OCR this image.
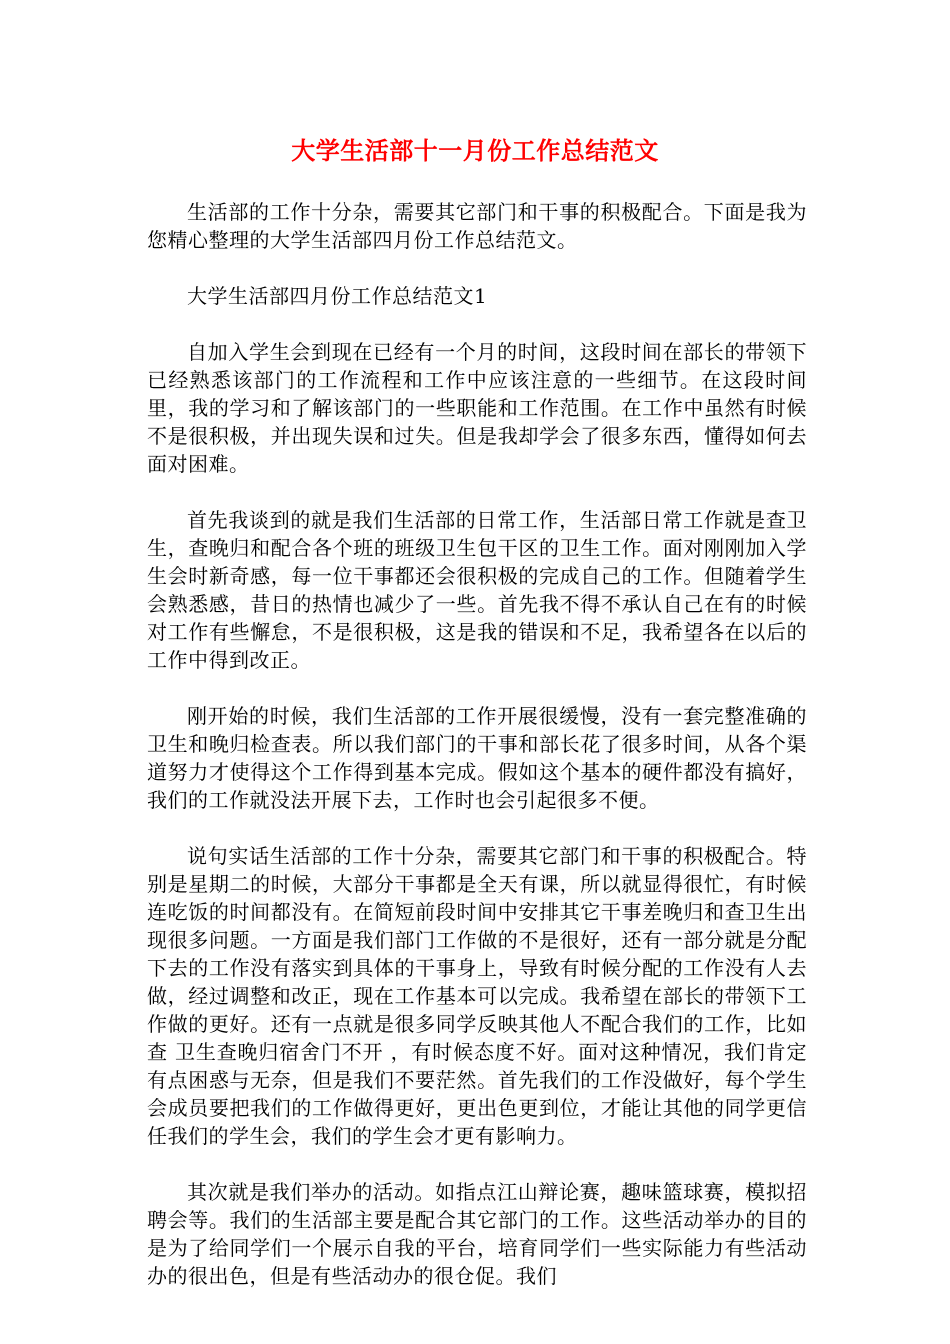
大学生活部十一月份工作总结范文

生活部的工作十分杂，需要其它部门和干事的积极配合。下面是我为您精心整理的大学生活部四月份工作总结范文。

大学生活部四月份工作总结范文1

自加入学生会到现在已经有一个月的时间，这段时间在部长的带领下已经熟悉该部门的工作流程和工作中应该注意的一些细节。在这段时间里，我的学习和了解该部门的一些职能和工作范围。在工作中虽然有时候不是很积极，并出现失误和过失。但是我却学会了很多东西，懂得如何去面对困难。

首先我谈到的就是我们生活部的日常工作，生活部日常工作就是查卫生，查晚归和配合各个班的班级卫生包干区的卫生工作。面对刚刚加入学生会时新奇感，每一位干事都还会很积极的完成自己的工作。但随着学生会熟悉感，昔日的热情也减少了一些。首先我不得不承认自己在有的时候对工作有些懈怠，不是很积极，这是我的错误和不足，我希望各在以后的工作中得到改正。

刚开始的时候，我们生活部的工作开展很缓慢，没有一套完整准确的卫生和晚归检查表。所以我们部门的干事和部长花了很多时间，从各个渠道努力才使得这个工作得到基本完成。假如这个基本的硬件都没有搞好，我们的工作就没法开展下去，工作时也会引起很多不便。

说句实话生活部的工作十分杂，需要其它部门和干事的积极配合。特别是星期二的时候，大部分干事都是全天有课，所以就显得很忙，有时候连吃饭的时间都没有。在简短前段时间中安排其它干事差晚归和查卫生出现很多问题。一方面是我们部门工作做的不是很好，还有一部分就是分配下去的工作没有落实到具体的干事身上，导致有时候分配的工作没有人去做，经过调整和改正，现在工作基本可以完成。我希望在部长的带领下工作做的更好。还有一点就是很多同学反映其他人不配合我们的工作，比如查 卫生查晚归宿舍门不开 ，有时候态度不好。面对这种情况，我们肯定有点困惑与无奈，但是我们不要茫然。首先我们的工作没做好，每个学生会成员要把我们的工作做得更好，更出色更到位，才能让其他的同学更信任我们的学生会，我们的学生会才更有影响力。

其次就是我们举办的活动。如指点江山辩论赛，趣味篮球赛，模拟招聘会等。我们的生活部主要是配合其它部门的工作。这些活动举办的目的是为了给同学们一个展示自我的平台，培育同学们一些实际能力有些活动办的很出色，但是有些活动办的很仓促。我们
